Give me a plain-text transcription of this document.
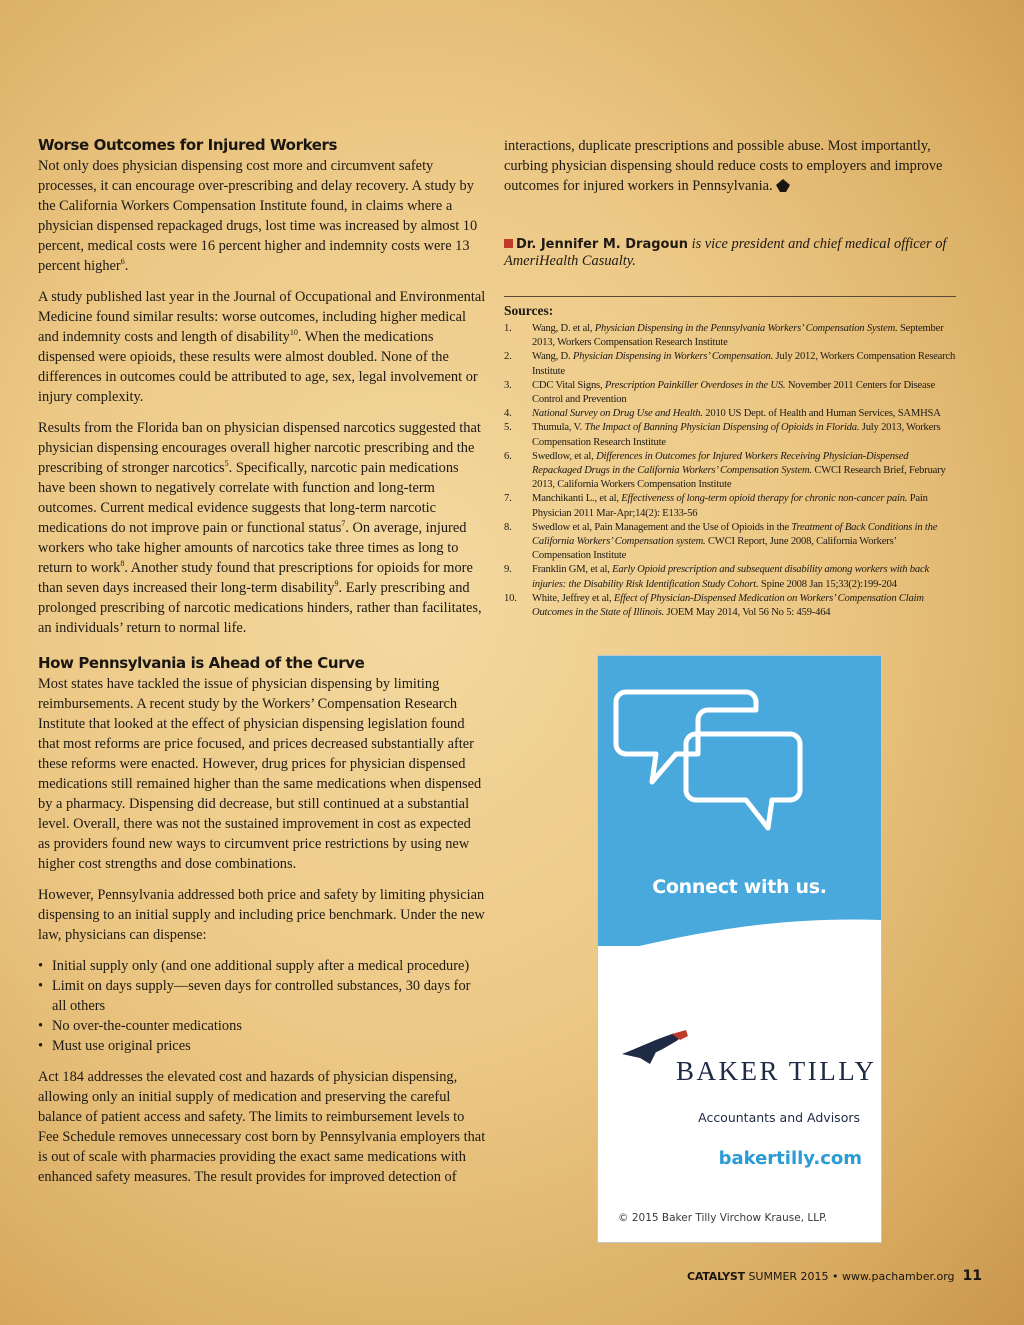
Worse Outcomes for Injured Workers

Not only does physician dispensing cost more and circumvent safety processes, it can encourage over-prescribing and delay recovery. A study by the California Workers Compensation Institute found, in claims where a physician dispensed repackaged drugs, lost time was increased by almost 10 percent, medical costs were 16 percent higher and indemnity costs were 13 percent higher$^6$.

A study published last year in the Journal of Occupational and Environmental Medicine found similar results: worse outcomes, including higher medical and indemnity costs and length of disability$^{10}$. When the medications dispensed were opioids, these results were almost doubled. None of the differences in outcomes could be attributed to age, sex, legal involvement or injury complexity.

Results from the Florida ban on physician dispensed narcotics suggested that physician dispensing encourages overall higher narcotic prescribing and the prescribing of stronger narcotics$^5$. Specifically, narcotic pain medications have been shown to negatively correlate with function and long-term outcomes. Current medical evidence suggests that long-term narcotic medications do not improve pain or functional status$^7$. On average, injured workers who take higher amounts of narcotics take three times as long to return to work$^8$. Another study found that prescriptions for opioids for more than seven days increased their long-term disability$^9$. Early prescribing and prolonged prescribing of narcotic medications hinders, rather than facilitates, an individuals’ return to normal life.

How Pennsylvania is Ahead of the Curve

Most states have tackled the issue of physician dispensing by limiting reimbursements. A recent study by the Workers’ Compensation Research Institute that looked at the effect of physician dispensing legislation found that most reforms are price focused, and prices decreased substantially after these reforms were enacted. However, drug prices for physician dispensed medications still remained higher than the same medications when dispensed by a pharmacy. Dispensing did decrease, but still continued at a substantial level. Overall, there was not the sustained improvement in cost as expected as providers found new ways to circumvent price restrictions by using new higher cost strengths and dose combinations.

However, Pennsylvania addressed both price and safety by limiting physician dispensing to an initial supply and including price benchmark. Under the new law, physicians can dispense:

• Initial supply only (and one additional supply after a medical procedure)
• Limit on days supply—seven days for controlled substances, 30 days for all others
• No over-the-counter medications
• Must use original prices

Act 184 addresses the elevated cost and hazards of physician dispensing, allowing only an initial supply of medication and preserving the careful balance of patient access and safety. The limits to reimbursement levels to Fee Schedule removes unnecessary cost born by Pennsylvania employers that is out of scale with pharmacies providing the exact same medications with enhanced safety measures. The result provides for improved detection of

interactions, duplicate prescriptions and possible abuse. Most importantly, curbing physician dispensing should reduce costs to employers and improve outcomes for injured workers in Pennsylvania.

Dr. Jennifer M. Dragoun is vice president and chief medical officer of AmeriHealth Casualty.
Sources:
1. Wang, D. et al, Physician Dispensing in the Pennsylvania Workers’ Compensation System. September 2013, Workers Compensation Research Institute
2. Wang, D. Physician Dispensing in Workers’ Compensation. July 2012, Workers Compensation Research Institute
3. CDC Vital Signs, Prescription Painkiller Overdoses in the US. November 2011 Centers for Disease Control and Prevention
4. National Survey on Drug Use and Health. 2010 US Dept. of Health and Human Services, SAMHSA
5. Thumula, V. The Impact of Banning Physician Dispensing of Opioids in Florida. July 2013, Workers Compensation Research Institute
6. Swedlow, et al, Differences in Outcomes for Injured Workers Receiving Physician-Dispensed Repackaged Drugs in the California Workers’ Compensation System. CWCI Research Brief, February 2013, California Workers Compensation Institute
7. Manchikanti L., et al, Effectiveness of long-term opioid therapy for chronic non-cancer pain. Pain Physician 2011 Mar-Apr;14(2): E133-56
8. Swedlow et al, Pain Management and the Use of Opioids in the Treatment of Back Conditions in the California Workers’ Compensation system. CWCI Report, June 2008, California Workers’ Compensation Institute
9. Franklin GM, et al, Early Opioid prescription and subsequent disability among workers with back injuries: the Disability Risk Identification Study Cohort. Spine 2008 Jan 15;33(2):199-204
10. White, Jeffrey et al, Effect of Physician-Dispensed Medication on Workers’ Compensation Claim Outcomes in the State of Illinois. JOEM May 2014, Vol 56 No 5: 459-464
Connect with us.
BAKER TILLY
Accountants and Advisors
bakertilly.com
© 2015 Baker Tilly Virchow Krause, LLP.
CATALYST SUMMER 2015 • www.pachamber.org 11
